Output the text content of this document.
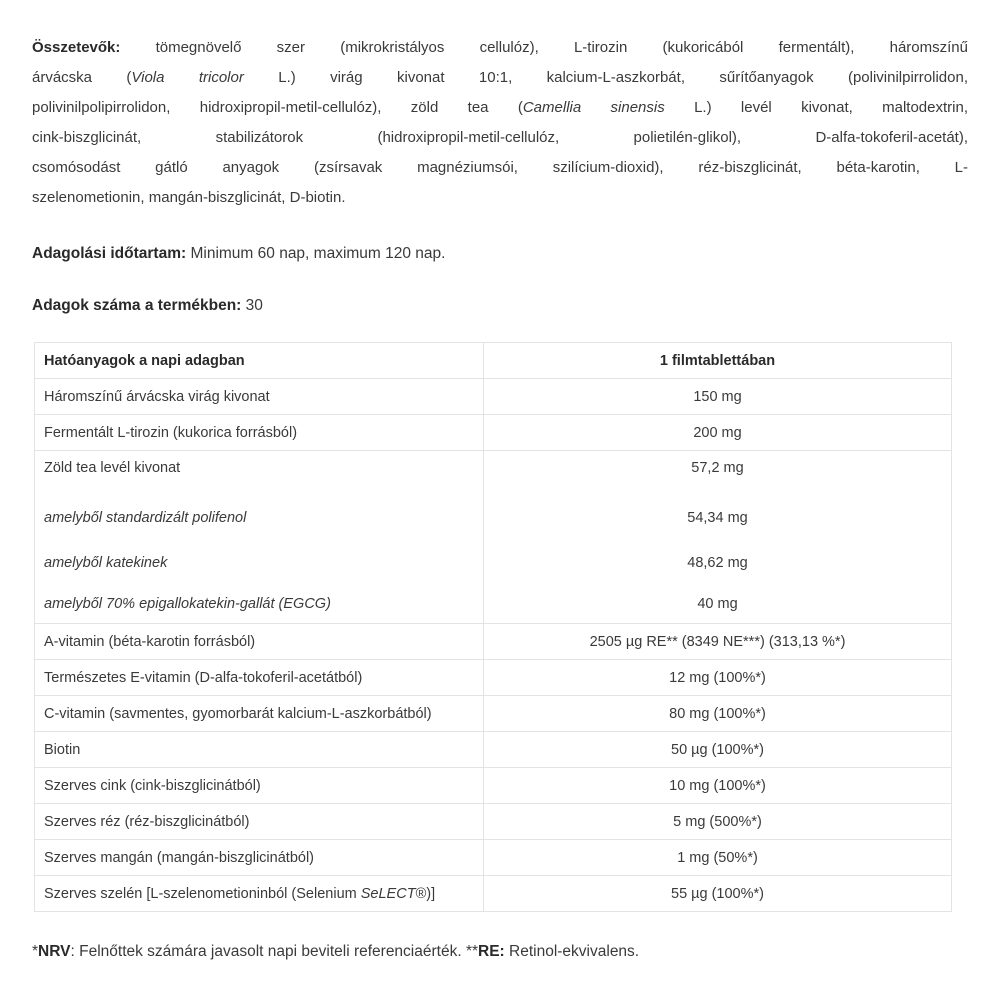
Összetevők: tömegnövelő szer (mikrokristályos cellulóz), L-tirozin (kukoricából fermentált), háromszínű
árvácska (Viola tricolor L.) virág kivonat 10:1, kalcium-L-aszkorbát, sűrítőanyagok (polivinilpirrolidon,
polivinilpolipirrolidon, hidroxipropil-metil-cellulóz), zöld tea (Camellia sinensis L.) levél kivonat, maltodextrin,
cink-biszglicinát, stabilizátorok (hidroxipropil-metil-cellulóz, polietilén-glikol), D-alfa-tokoferil-acetát),
csomósodást gátló anyagok (zsírsavak magnéziumsói, szilícium-dioxid), réz-biszglicinát, béta-karotin, L-
szelenometionin, mangán-biszglicinát, D-biotin.
Adagolási időtartam: Minimum 60 nap, maximum 120 nap.
Adagok száma a termékben: 30
Hatóanyagok a napi adagban	1 filmtablettában
Háromszínű árvácska virág kivonat	150 mg
Fermentált L-tirozin (kukorica forrásból)	200 mg
Zöld tea levél kivonat	57,2 mg
amelyből standardizált polifenol	54,34 mg
amelyből katekinek	48,62 mg
amelyből 70% epigallokatekin-gallát (EGCG)	40 mg
A-vitamin (béta-karotin forrásból)	2505 µg RE** (8349 NE***) (313,13 %*)
Természetes E-vitamin (D-alfa-tokoferil-acetátból)	12 mg (100%*)
C-vitamin (savmentes, gyomorbarát kalcium-L-aszkorbátból)	80 mg (100%*)
Biotin	50 µg (100%*)
Szerves cink (cink-biszglicinátból)	10 mg (100%*)
Szerves réz (réz-biszglicinátból)	5 mg (500%*)
Szerves mangán (mangán-biszglicinátból)	1 mg (50%*)
Szerves szelén [L-szelenometioninból (Selenium SeLECT®)]	55 µg (100%*)
*NRV: Felnőttek számára javasolt napi beviteli referenciaérték. **RE: Retinol-ekvivalens.
